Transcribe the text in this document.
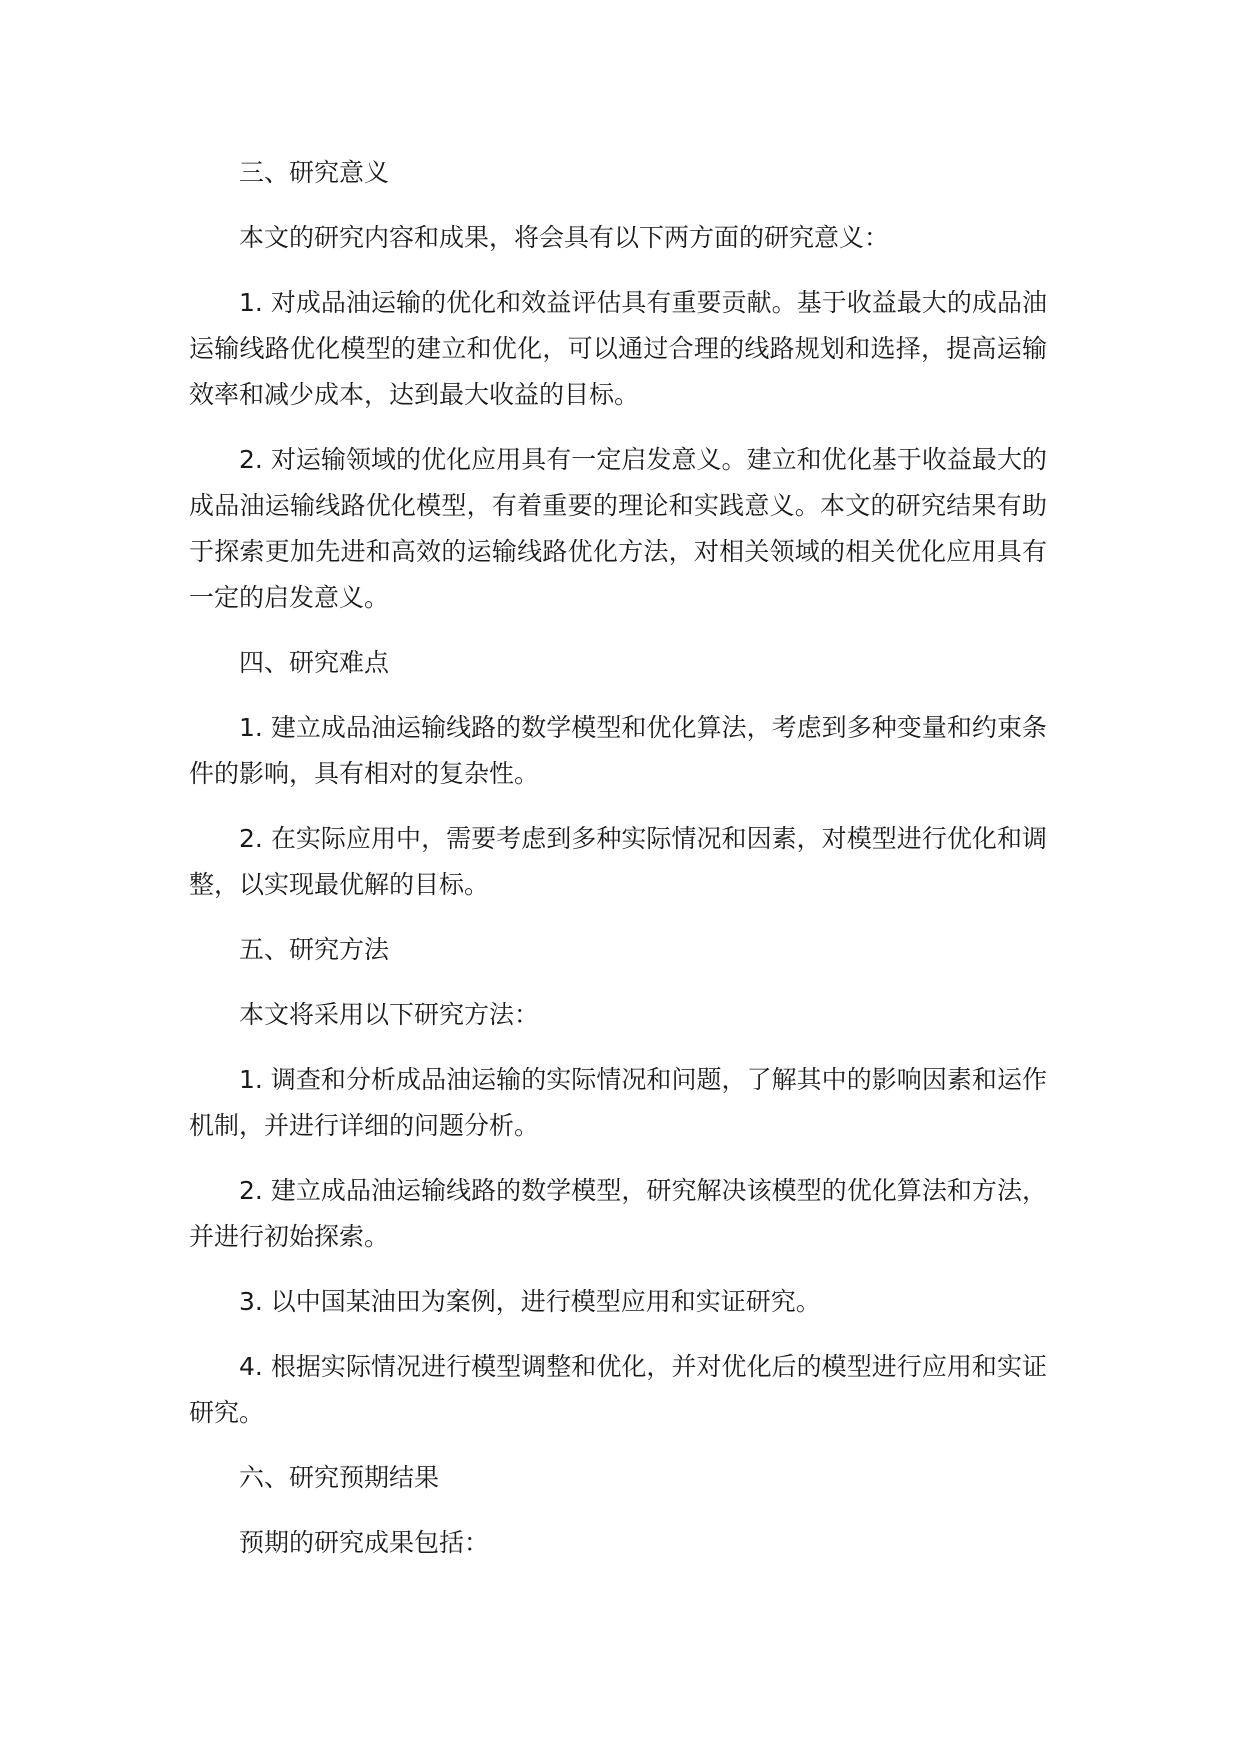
三、研究意义

本文的研究内容和成果，将会具有以下两方面的研究意义：

1. 对成品油运输的优化和效益评估具有重要贡献。基于收益最大的成品油运输线路优化模型的建立和优化，可以通过合理的线路规划和选择，提高运输效率和减少成本，达到最大收益的目标。

2. 对运输领域的优化应用具有一定启发意义。建立和优化基于收益最大的成品油运输线路优化模型，有着重要的理论和实践意义。本文的研究结果有助于探索更加先进和高效的运输线路优化方法，对相关领域的相关优化应用具有一定的启发意义。

四、研究难点

1. 建立成品油运输线路的数学模型和优化算法，考虑到多种变量和约束条件的影响，具有相对的复杂性。

2. 在实际应用中，需要考虑到多种实际情况和因素，对模型进行优化和调整，以实现最优解的目标。

五、研究方法

本文将采用以下研究方法：

1. 调查和分析成品油运输的实际情况和问题，了解其中的影响因素和运作机制，并进行详细的问题分析。

2. 建立成品油运输线路的数学模型，研究解决该模型的优化算法和方法，并进行初始探索。

3. 以中国某油田为案例，进行模型应用和实证研究。

4. 根据实际情况进行模型调整和优化，并对优化后的模型进行应用和实证研究。

六、研究预期结果

预期的研究成果包括：
